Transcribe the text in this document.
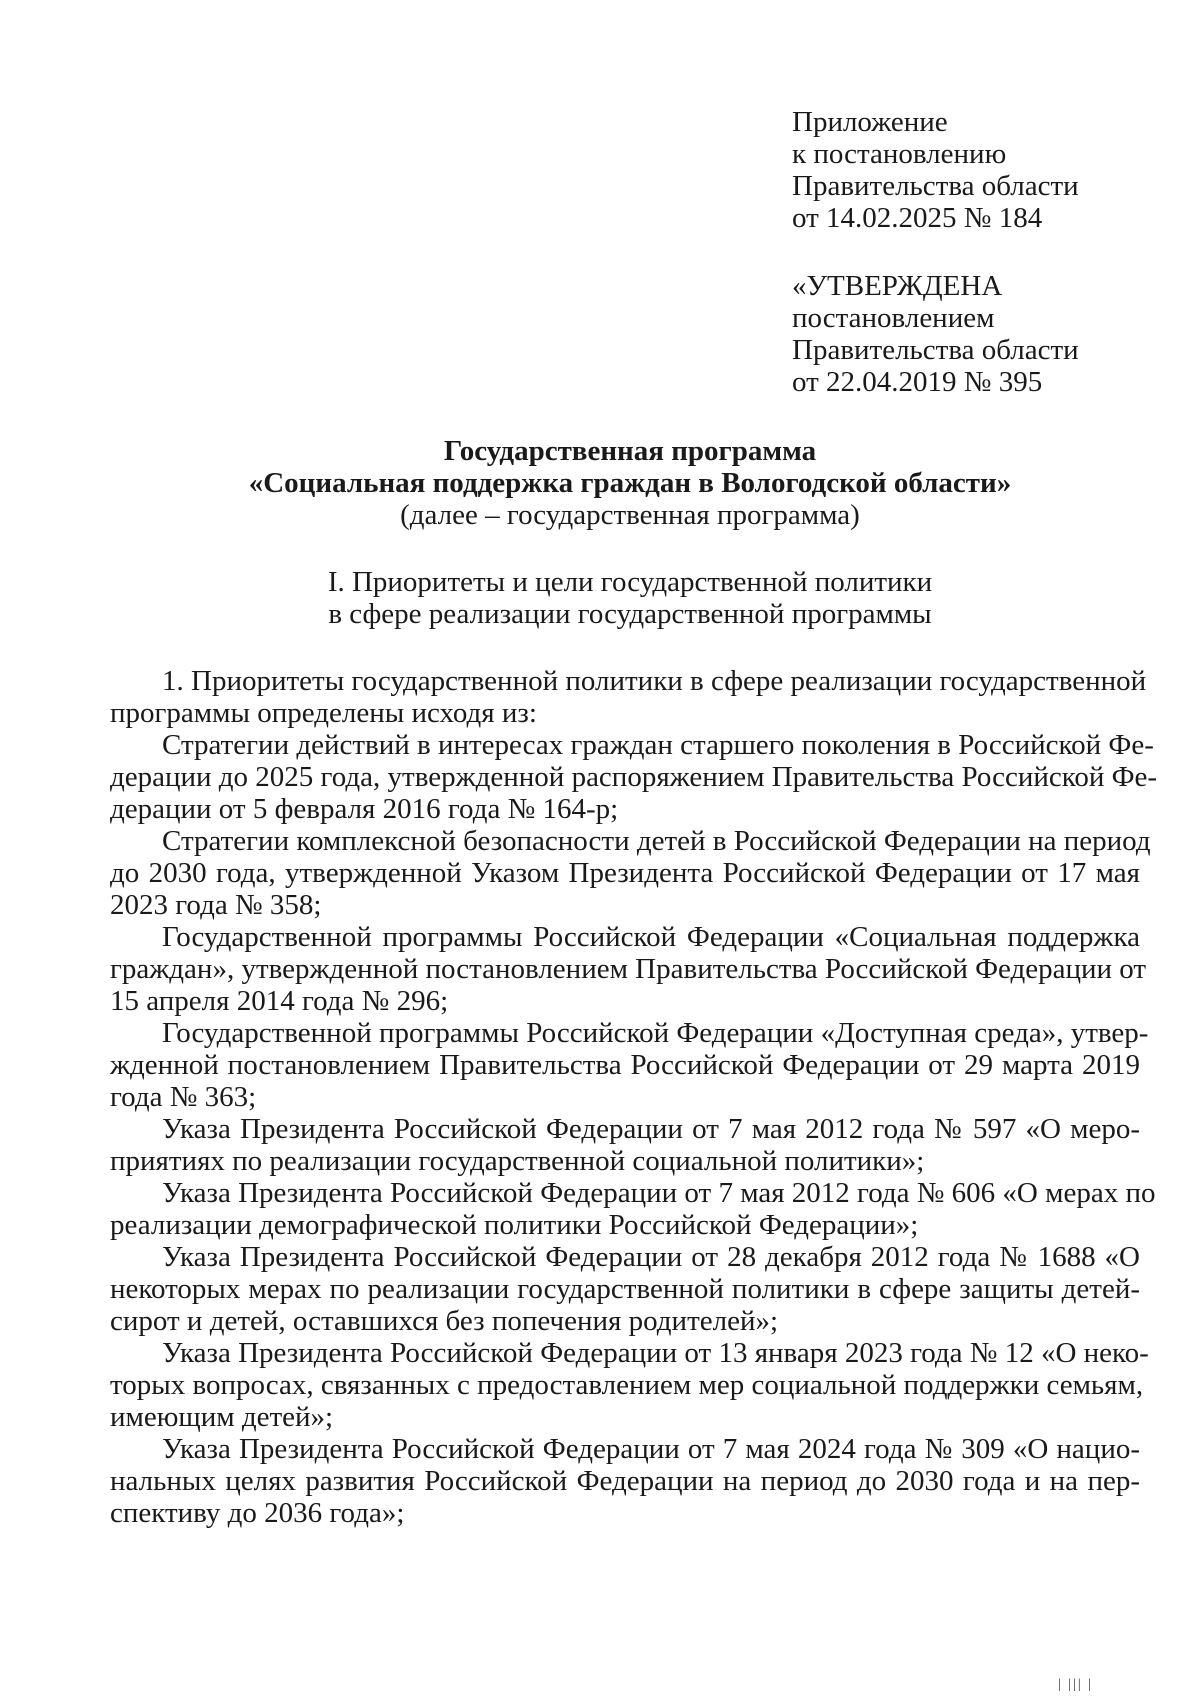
Приложение
к постановлению
Правительства области
от 14.02.2025 № 184
«УТВЕРЖДЕНА
постановлением
Правительства области
от 22.04.2019 № 395
Государственная программа
«Социальная поддержка граждан в Вологодской области»
(далее – государственная программа)
I. Приоритеты и цели государственной политики
в сфере реализации государственной программы
1. Приоритеты государственной политики в сфере реализации государственной
программы определены исходя из:
Стратегии действий в интересах граждан старшего поколения в Российской Фе-
дерации до 2025 года, утвержденной распоряжением Правительства Российской Фе-
дерации от 5 февраля 2016 года № 164-р;
Стратегии комплексной безопасности детей в Российской Федерации на период
до 2030 года, утвержденной Указом Президента Российской Федерации от 17 мая
2023 года № 358;
Государственной программы Российской Федерации «Социальная поддержка
граждан», утвержденной постановлением Правительства Российской Федерации от
15 апреля 2014 года № 296;
Государственной программы Российской Федерации «Доступная среда», утвер-
жденной постановлением Правительства Российской Федерации от 29 марта 2019
года № 363;
Указа Президента Российской Федерации от 7 мая 2012 года № 597 «О меро-
приятиях по реализации государственной социальной политики»;
Указа Президента Российской Федерации от 7 мая 2012 года № 606 «О мерах по
реализации демографической политики Российской Федерации»;
Указа Президента Российской Федерации от 28 декабря 2012 года № 1688 «О
некоторых мерах по реализации государственной политики в сфере защиты детей-
сирот и детей, оставшихся без попечения родителей»;
Указа Президента Российской Федерации от 13 января 2023 года № 12 «О неко-
торых вопросах, связанных с предоставлением мер социальной поддержки семьям,
имеющим детей»;
Указа Президента Российской Федерации от 7 мая 2024 года № 309 «О нацио-
нальных целях развития Российской Федерации на период до 2030 года и на пер-
спективу до 2036 года»;
| ||| |
